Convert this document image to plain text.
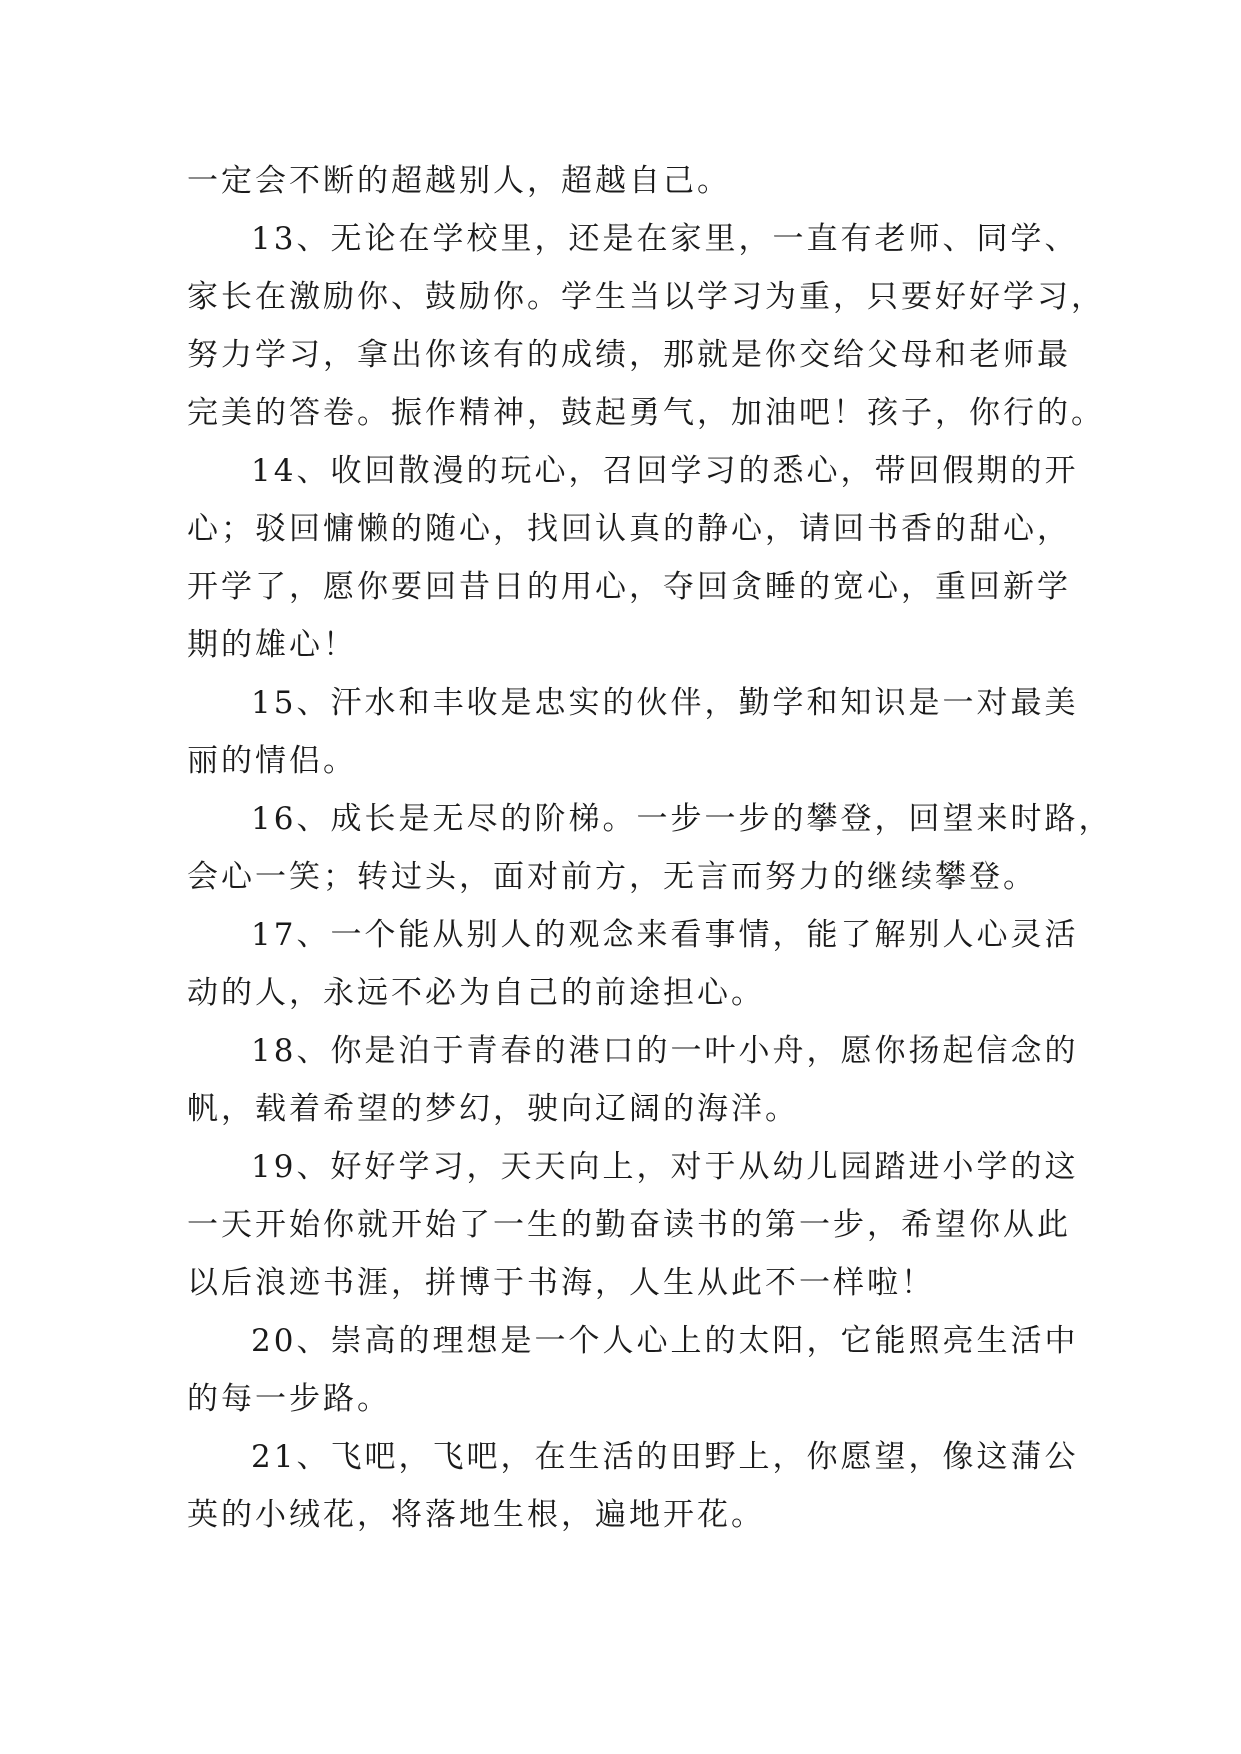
一定会不断的超越别人，超越自己。
13、无论在学校里，还是在家里，一直有老师、同学、
家长在激励你、鼓励你。学生当以学习为重，只要好好学习，
努力学习，拿出你该有的成绩，那就是你交给父母和老师最
完美的答卷。振作精神，鼓起勇气，加油吧！孩子，你行的。
14、收回散漫的玩心，召回学习的悉心，带回假期的开
心；驳回慵懒的随心，找回认真的静心，请回书香的甜心，
开学了，愿你要回昔日的用心，夺回贪睡的宽心，重回新学
期的雄心！
15、汗水和丰收是忠实的伙伴，勤学和知识是一对最美
丽的情侣。
16、成长是无尽的阶梯。一步一步的攀登，回望来时路，
会心一笑；转过头，面对前方，无言而努力的继续攀登。
17、一个能从别人的观念来看事情，能了解别人心灵活
动的人，永远不必为自己的前途担心。
18、你是泊于青春的港口的一叶小舟，愿你扬起信念的
帆，载着希望的梦幻，驶向辽阔的海洋。
19、好好学习，天天向上，对于从幼儿园踏进小学的这
一天开始你就开始了一生的勤奋读书的第一步，希望你从此
以后浪迹书涯，拼博于书海，人生从此不一样啦！
20、崇高的理想是一个人心上的太阳，它能照亮生活中
的每一步路。
21、飞吧，飞吧，在生活的田野上，你愿望，像这蒲公
英的小绒花，将落地生根，遍地开花。
